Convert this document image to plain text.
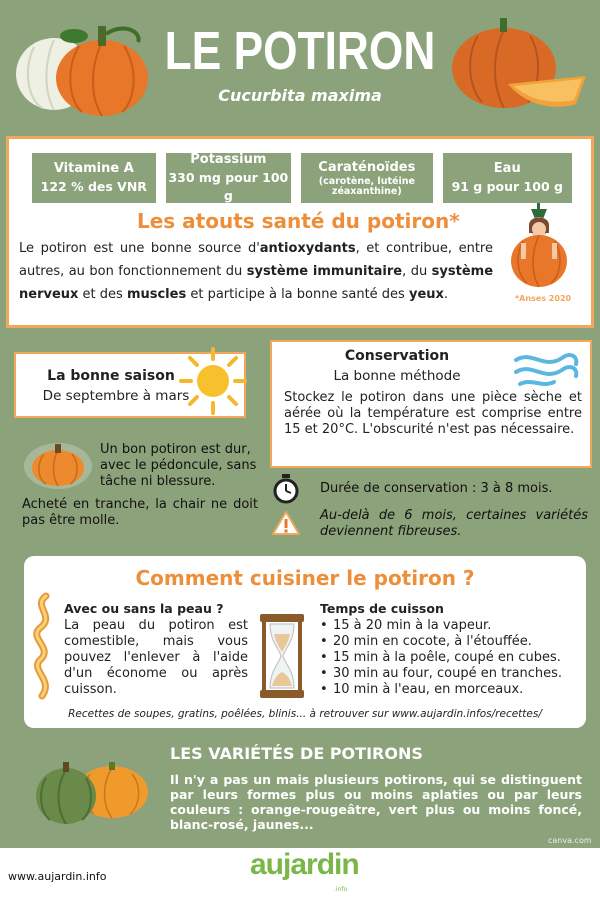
LE POTIRON
Cucurbita maxima
Vitamine A
122 % des VNR
Potassium
330 mg pour 100 g
Caraténoïdes
(carotène, lutéine zéaxanthine)
Eau
91 g pour 100 g
Les atouts santé du potiron*

Le potiron est une bonne source d'antioxydants, et contribue, entre autres, au bon fonctionnement du système immunitaire, du système nerveux et des muscles et participe à la bonne santé des yeux.	*Anses 2020
La bonne saison
De septembre à mars

Un bon potiron est dur, avec le pédoncule, sans tâche ni blessure.

Acheté en tranche, la chair ne doit pas être molle.

Conservation
La bonne méthode

Stockez le potiron dans une pièce sèche et aérée où la température est comprise entre 15 et 20°C. L'obscurité n'est pas nécessaire.

Durée de conservation : 3 à 8 mois.

Au-delà de 6 mois, certaines variétés deviennent fibreuses.

Comment cuisiner le potiron ?
Avec ou sans la peau ?

La peau du potiron est comestible, mais vous pouvez l'enlever à l'aide d'un économe ou après cuisson.

Temps de cuisson
• 15 à 20 min à la vapeur.
• 20 min en cocote, à l'étouffée.
• 15 min à la poêle, coupé en cubes.
• 30 min au four, coupé en tranches.
• 10 min à l'eau, en morceaux.
Recettes de soupes, gratins, poêlées, blinis... à retrouver sur www.aujardin.infos/recettes/
LES VARIÉTÉS DE POTIRONS

Il n'y a pas un mais plusieurs potirons, qui se distinguent par leurs formes plus ou moins aplaties ou par leurs couleurs : orange-rougeâtre, vert plus ou moins foncé, blanc-rosé, jaunes...

canva.com
www.aujardin.info	aujardin
.info
